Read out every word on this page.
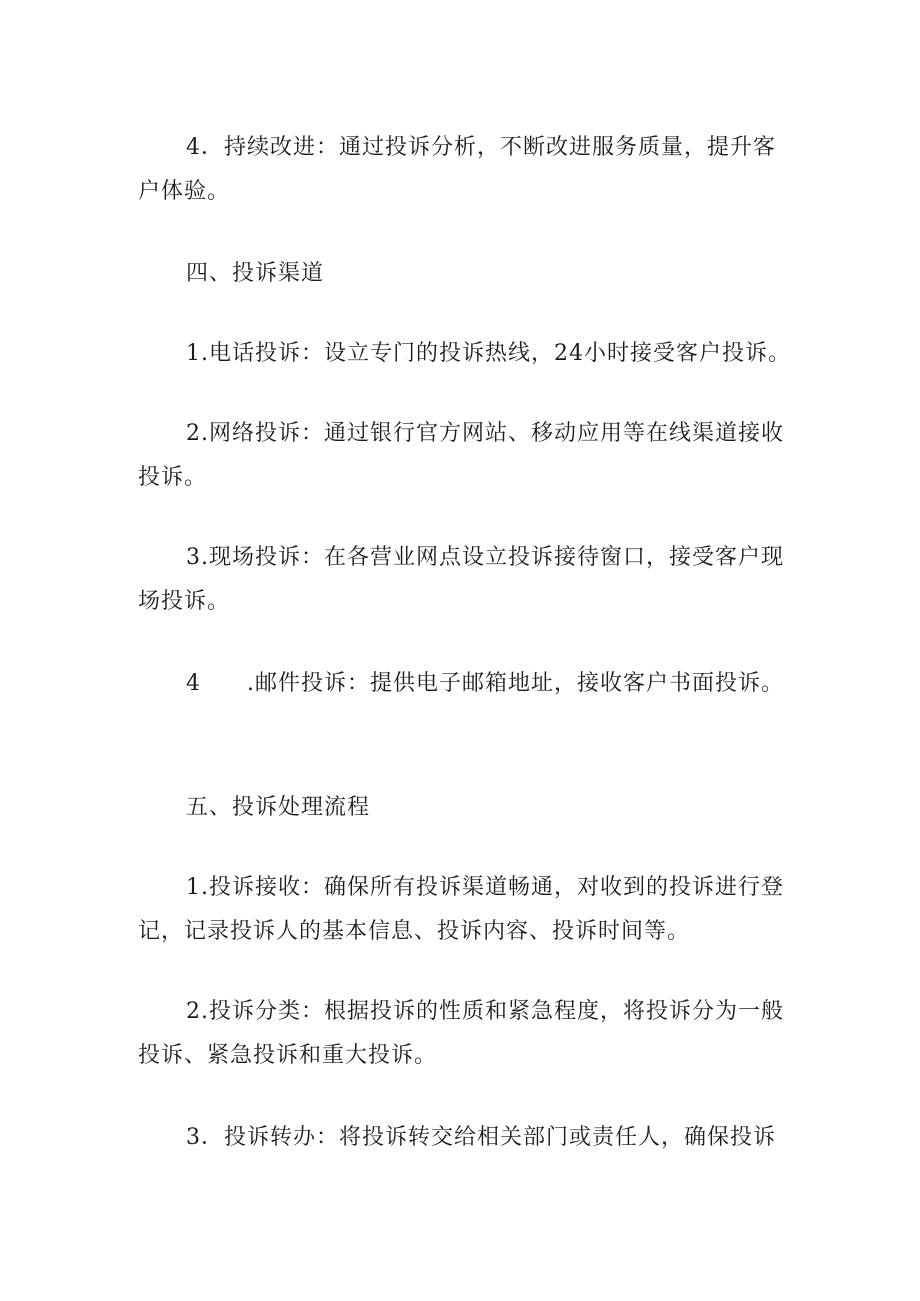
4．持续改进：通过投诉分析，不断改进服务质量，提升客户体验。

四、投诉渠道

1.电话投诉：设立专门的投诉热线，24小时接受客户投诉。

2.网络投诉：通过银行官方网站、移动应用等在线渠道接收投诉。

3.现场投诉：在各营业网点设立投诉接待窗口，接受客户现场投诉。

4　　.邮件投诉：提供电子邮箱地址，接收客户书面投诉。

五、投诉处理流程

1.投诉接收：确保所有投诉渠道畅通，对收到的投诉进行登记，记录投诉人的基本信息、投诉内容、投诉时间等。

2.投诉分类：根据投诉的性质和紧急程度，将投诉分为一般投诉、紧急投诉和重大投诉。

3．投诉转办：将投诉转交给相关部门或责任人，确保投诉
